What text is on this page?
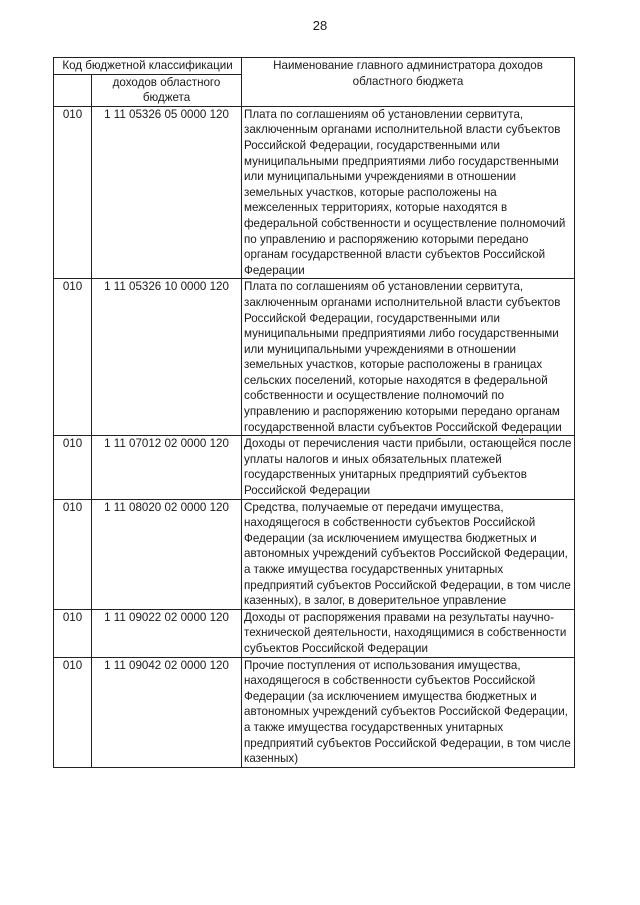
28
Код бюджетной классификации		Наименование главного администратора доходов областного бюджета
	доходов областного бюджета	
010	1 11 05326 05 0000 120	Плата по соглашениям об установлении сервитута, заключенным органами исполнительной власти субъектов Российской Федерации, государственными или муниципальными предприятиями либо государственными или муниципальными учреждениями в отношении земельных участков, которые расположены на межселенных территориях, которые находятся в федеральной собственности и осуществление полномочий по управлению и распоряжению которыми передано органам государственной власти субъектов Российской Федерации
010	1 11 05326 10 0000 120	Плата по соглашениям об установлении сервитута, заключенным органами исполнительной власти субъектов Российской Федерации, государственными или муниципальными предприятиями либо государственными или муниципальными учреждениями в отношении земельных участков, которые расположены в границах сельских поселений, которые находятся в федеральной собственности и осуществление полномочий по управлению и распоряжению которыми передано органам государственной власти субъектов Российской Федерации
010	1 11 07012 02 0000 120	Доходы от перечисления части прибыли, остающейся после уплаты налогов и иных обязательных платежей государственных унитарных предприятий субъектов Российской Федерации
010	1 11 08020 02 0000 120	Средства, получаемые от передачи имущества, находящегося в собственности субъектов Российской Федерации (за исключением имущества бюджетных и автономных учреждений субъектов Российской Федерации, а также имущества государственных унитарных предприятий субъектов Российской Федерации, в том числе казенных), в залог, в доверительное управление
010	1 11 09022 02 0000 120	Доходы от распоряжения правами на результаты научно-технической деятельности, находящимися в собственности субъектов Российской Федерации
010	1 11 09042 02 0000 120	Прочие поступления от использования имущества, находящегося в собственности субъектов Российской Федерации (за исключением имущества бюджетных и автономных учреждений субъектов Российской Федерации, а также имущества государственных унитарных предприятий субъектов Российской Федерации, в том числе казенных)
